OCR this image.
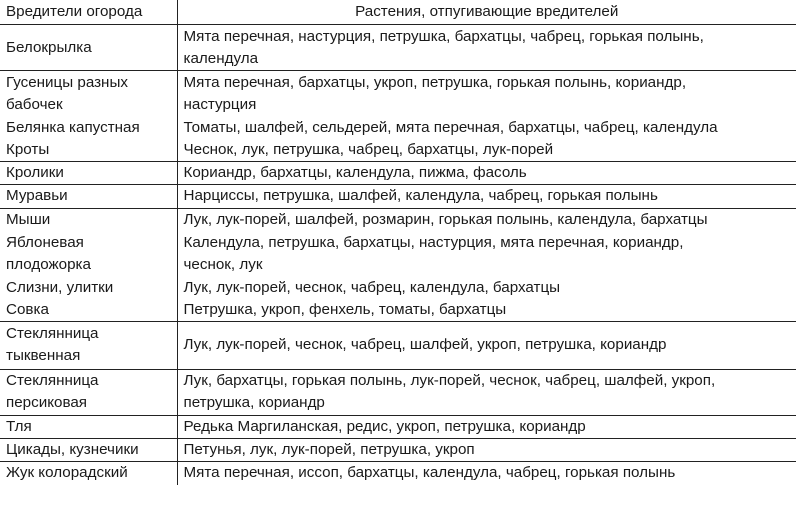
Вредители огорода	Растения, отпугивающие вредителей

Белокрылка	Мята перечная, настурция, петрушка, бархатцы, чабрец, горькая полынь,
календула

Гусеницы разных
бабочек	Мята перечная, бархатцы, укроп, петрушка, горькая полынь, кориандр,
настурция

Белянка капустная	Томаты, шалфей, сельдерей, мята перечная, бархатцы, чабрец, календула

Кроты	Чеснок, лук, петрушка, чабрец, бархатцы, лук-порей

Кролики	Кориандр, бархатцы, календула, пижма, фасоль

Муравьи	Нарциссы, петрушка, шалфей, календула, чабрец, горькая полынь

Мыши	Лук, лук-порей, шалфей, розмарин, горькая полынь, календула, бархатцы

Яблоневая
плодожорка	Календула, петрушка, бархатцы, настурция, мята перечная, кориандр,
чеснок, лук

Слизни, улитки	Лук, лук-порей, чеснок, чабрец, календула, бархатцы

Совка	Петрушка, укроп, фенхель, томаты, бархатцы

Стеклянница
тыквенная	Лук, лук-порей, чеснок, чабрец, шалфей, укроп, петрушка, кориандр

Стеклянница
персиковая	Лук, бархатцы, горькая полынь, лук-порей, чеснок, чабрец, шалфей, укроп,
петрушка, кориандр

Тля	Редька Маргиланская, редис, укроп, петрушка, кориандр

Цикады, кузнечики	Петунья, лук, лук-порей, петрушка, укроп

Жук колорадский	Мята перечная, иссоп, бархатцы, календула, чабрец, горькая полынь
